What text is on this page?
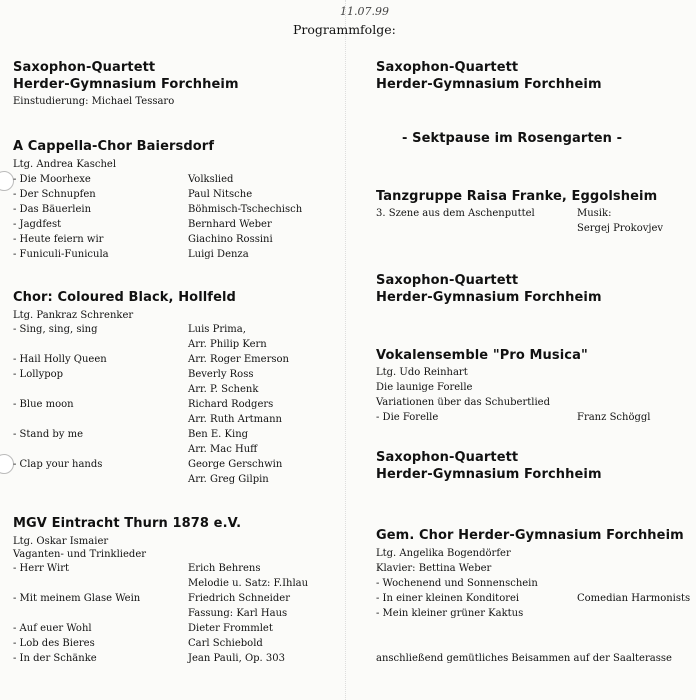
11.07.99
Programmfolge:
Saxophon-Quartett
Herder-Gymnasium Forchheim
Einstudierung: Michael Tessaro
A Cappella-Chor Baiersdorf
Ltg. Andrea Kaschel
- Die Moorhexe	Volkslied
- Der Schnupfen	Paul Nitsche
- Das Bäuerlein	Böhmisch-Tschechisch
- Jagdfest	Bernhard Weber
- Heute feiern wir	Giachino Rossini
- Funiculi-Funicula	Luigi Denza
Chor: Coloured Black, Hollfeld
Ltg. Pankraz Schrenker
- Sing, sing, sing	Luis Prima,
Arr. Philip Kern
- Hail Holly Queen	Arr. Roger Emerson
- Lollypop	Beverly Ross
Arr. P. Schenk
- Blue moon	Richard Rodgers
Arr. Ruth Artmann
- Stand by me	Ben E. King
Arr. Mac Huff
- Clap your hands	George Gerschwin
Arr. Greg Gilpin
MGV Eintracht Thurn 1878 e.V.
Ltg. Oskar Ismaier
Vaganten- und Trinklieder
- Herr Wirt	Erich Behrens
Melodie u. Satz: F.Ihlau
- Mit meinem Glase Wein	Friedrich Schneider
Fassung: Karl Haus
- Auf euer Wohl	Dieter Frommlet
- Lob des Bieres	Carl Schiebold
- In der Schänke	Jean Pauli, Op. 303
Saxophon-Quartett
Herder-Gymnasium Forchheim
- Sektpause im Rosengarten -
Tanzgruppe Raisa Franke, Eggolsheim
3. Szene aus dem Aschenputtel	Musik:
Sergej Prokovjev
Saxophon-Quartett
Herder-Gymnasium Forchheim
Vokalensemble "Pro Musica"
Ltg. Udo Reinhart
Die launige Forelle
Variationen über das Schubertlied
- Die Forelle	Franz Schöggl
Saxophon-Quartett
Herder-Gymnasium Forchheim
Gem. Chor Herder-Gymnasium Forchheim
Ltg. Angelika Bogendörfer
Klavier: Bettina Weber
- Wochenend und Sonnenschein
- In einer kleinen Konditorei	Comedian Harmonists
- Mein kleiner grüner Kaktus
anschließend gemütliches Beisammen auf der Saalterasse
